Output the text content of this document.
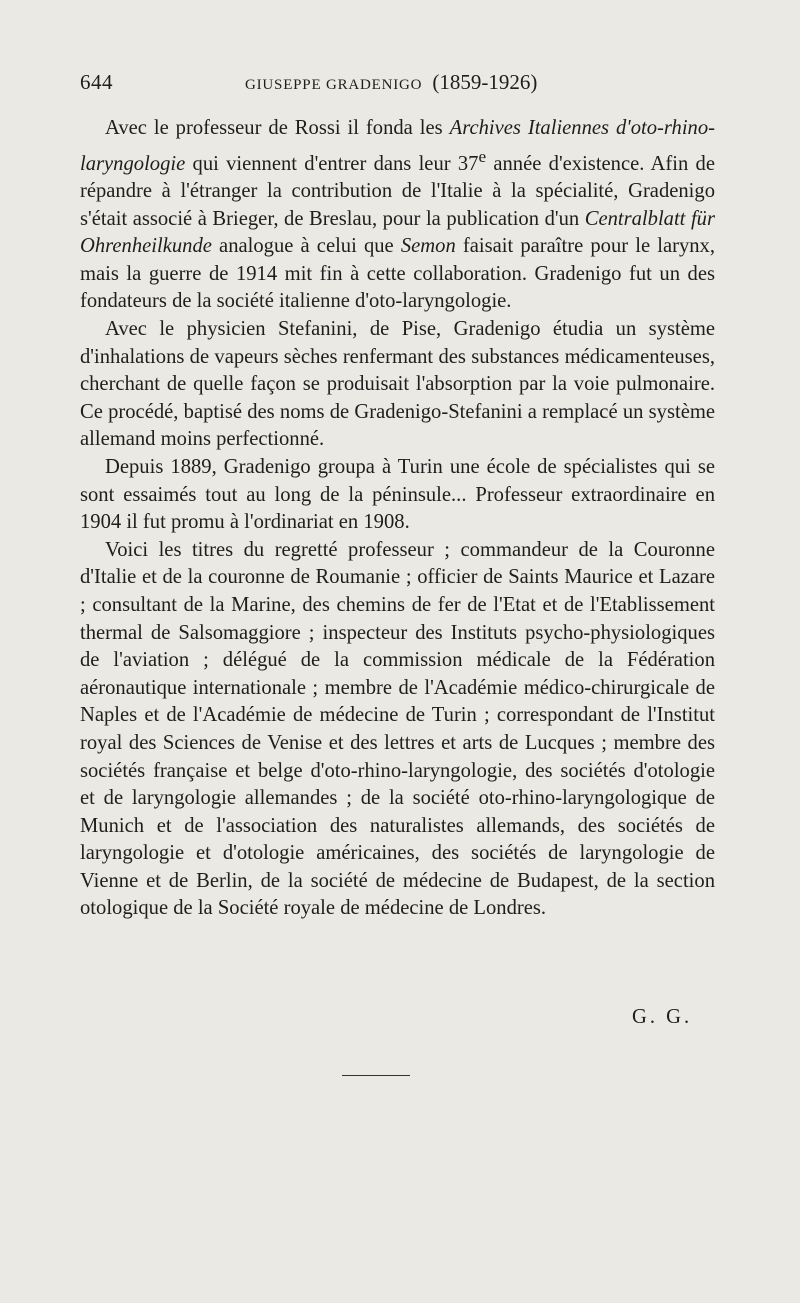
644	GIUSEPPE GRADENIGO (1859-1926)

Avec le professeur de Rossi il fonda les Archives Italiennes d'oto-rhino-laryngologie qui viennent d'entrer dans leur 37e année d'existence. Afin de répandre à l'étranger la contribution de l'Italie à la spécialité, Gradenigo s'était associé à Brieger, de Breslau, pour la publication d'un Centralblatt für Ohrenheilkunde analogue à celui que Semon faisait paraître pour le larynx, mais la guerre de 1914 mit fin à cette collaboration. Gradenigo fut un des fondateurs de la société italienne d'oto-laryngologie.

Avec le physicien Stefanini, de Pise, Gradenigo étudia un système d'inhalations de vapeurs sèches renfermant des substances médicamenteuses, cherchant de quelle façon se produisait l'absorption par la voie pulmonaire. Ce procédé, baptisé des noms de Gradenigo-Stefanini a remplacé un système allemand moins perfectionné.

Depuis 1889, Gradenigo groupa à Turin une école de spécialistes qui se sont essaimés tout au long de la péninsule... Professeur extraordinaire en 1904 il fut promu à l'ordinariat en 1908.

Voici les titres du regretté professeur ; commandeur de la Couronne d'Italie et de la couronne de Roumanie ; officier de Saints Maurice et Lazare ; consultant de la Marine, des chemins de fer de l'Etat et de l'Etablissement thermal de Salsomaggiore ; inspecteur des Instituts psycho-physiologiques de l'aviation ; délégué de la commission médicale de la Fédération aéronautique internationale ; membre de l'Académie médico-chirurgicale de Naples et de l'Académie de médecine de Turin ; correspondant de l'Institut royal des Sciences de Venise et des lettres et arts de Lucques ; membre des sociétés française et belge d'oto-rhino-laryngologie, des sociétés d'otologie et de laryngologie allemandes ; de la société oto-rhino-laryngologique de Munich et de l'association des naturalistes allemands, des sociétés de laryngologie et d'otologie américaines, des sociétés de laryngologie de Vienne et de Berlin, de la société de médecine de Budapest, de la section otologique de la Société royale de médecine de Londres.

G. G.
